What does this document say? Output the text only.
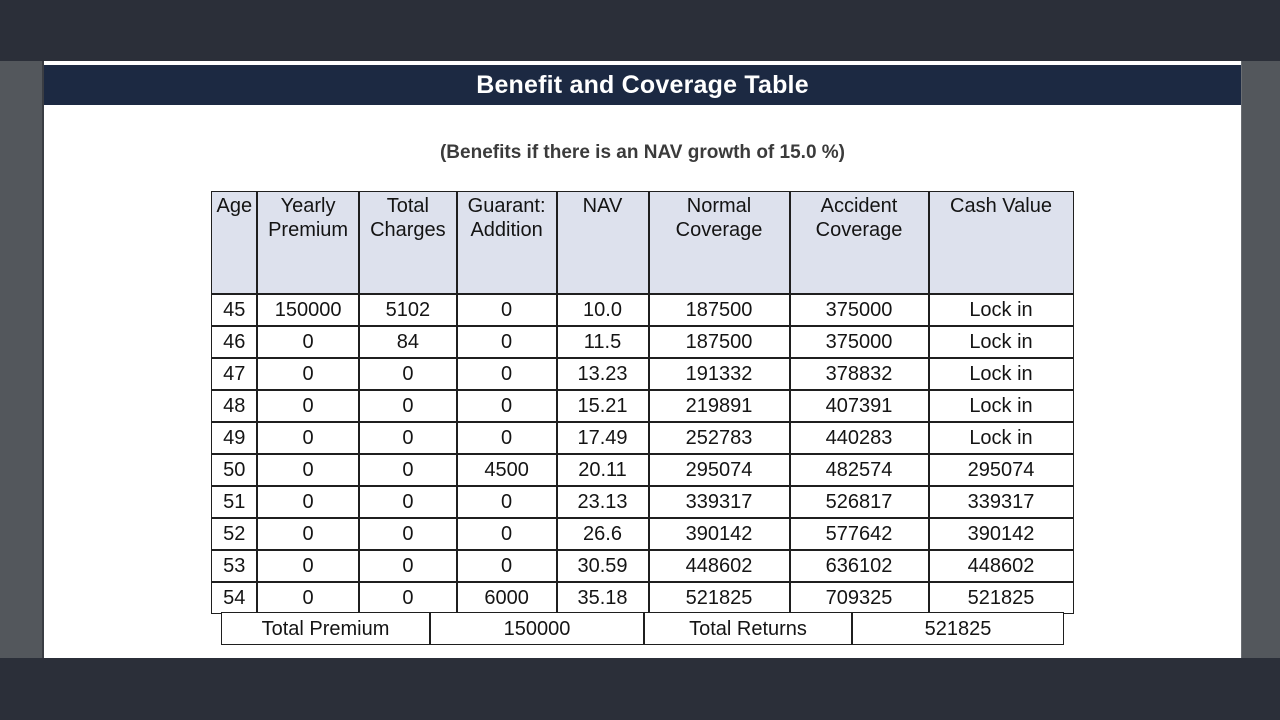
Benefit and Coverage Table
(Benefits if there is an NAV growth of 15.0 %)
Age	Yearly Premium	Total Charges	Guarant: Addition	NAV	Normal Coverage	Accident Coverage	Cash Value
45	150000	5102	0	10.0	187500	375000	Lock in
46	0	84	0	11.5	187500	375000	Lock in
47	0	0	0	13.23	191332	378832	Lock in
48	0	0	0	15.21	219891	407391	Lock in
49	0	0	0	17.49	252783	440283	Lock in
50	0	0	4500	20.11	295074	482574	295074
51	0	0	0	23.13	339317	526817	339317
52	0	0	0	26.6	390142	577642	390142
53	0	0	0	30.59	448602	636102	448602
54	0	0	6000	35.18	521825	709325	521825
Total Premium	150000	Total Returns	521825
